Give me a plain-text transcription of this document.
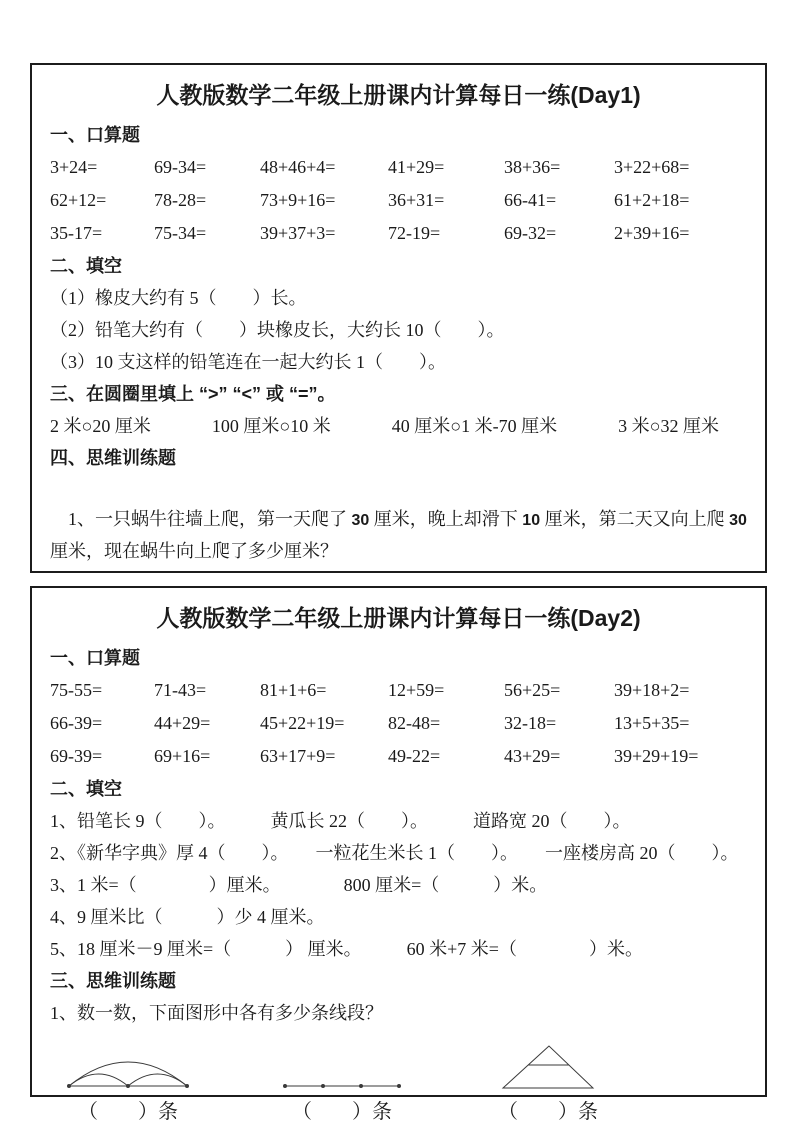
人教版数学二年级上册课内计算每日一练(Day1)
一、口算题
3+24=	69-34=	48+46+4=	41+29=	38+36=	3+22+68=
62+12=	78-28=	73+9+16=	36+31=	66-41=	61+2+18=
35-17=	75-34=	39+37+3=	72-19=	69-32=	2+39+16=
二、填空
（1）橡皮大约有 5（　　）长。
（2）铅笔大约有（　　）块橡皮长，大约长 10（　　）。
（3）10 支这样的铅笔连在一起大约长 1（　　）。
三、在圆圈里填上 “>” “<” 或 “=”。
2 米○20 厘米	100 厘米○10 米	40 厘米○1 米-70 厘米	3 米○32 厘米
四、思维训练题

1、一只蜗牛往墙上爬，第一天爬了 30 厘米，晚上却滑下 10 厘米，第二天又向上爬 30 厘米，现在蜗牛向上爬了多少厘米？

人教版数学二年级上册课内计算每日一练(Day2)
一、口算题
75-55=	71-43=	81+1+6=	12+59=	56+25=	39+18+2=
66-39=	44+29=	45+22+19=	82-48=	32-18=	13+5+35=
69-39=	69+16=	63+17+9=	49-22=	43+29=	39+29+19=
二、填空
1、铅笔长 9（　　）。　　　黄瓜长 22（　　）。　　　道路宽 20（　　）。
2、《新华字典》厚 4（　　）。　　一粒花生米长 1（　　）。　　一座楼房高 20（　　）。
3、1 米=（　　　　）厘米。　　　　800 厘米=（　　　）米。
4、9 厘米比（　　　）少 4 厘米。
5、18 厘米－9 厘米=（　　　） 厘米。　　　60 米+7 米=（　　　　）米。
三、思维训练题
1、数一数，下面图形中各有多少条线段？
（　　）条	（　　）条	（　　）条
